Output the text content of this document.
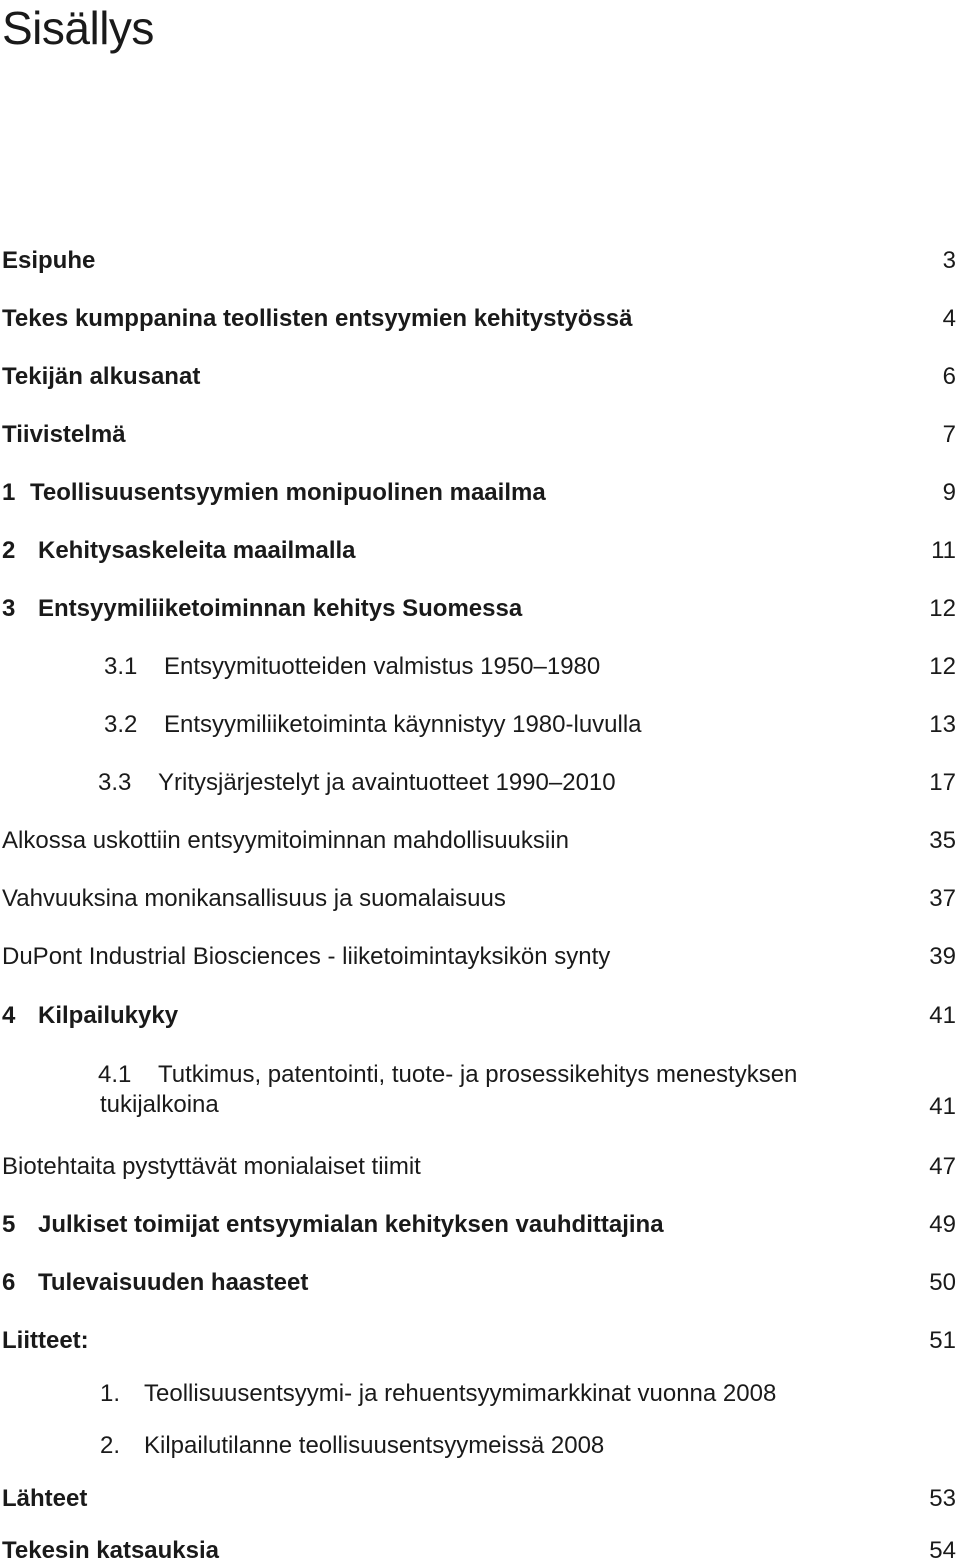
Sisällys
Esipuhe	3
Tekes kumppanina teollisten entsyymien kehitystyössä	4
Tekijän alkusanat	6
Tiivistelmä	7
1 Teollisuusentsyymien monipuolinen maailma	9
2 Kehitysaskeleita maailmalla	11
3 Entsyymiliiketoiminnan kehitys Suomessa	12
3.1 Entsyymituotteiden valmistus 1950–1980	12
3.2 Entsyymiliiketoiminta käynnistyy 1980-luvulla	13
3.3 Yritysjärjestelyt ja avaintuotteet 1990–2010	17
Alkossa uskottiin entsyymitoiminnan mahdollisuuksiin	35
Vahvuuksina monikansallisuus ja suomalaisuus	37
DuPont Industrial Biosciences - liiketoimintayksikön synty	39
4 Kilpailukyky	41
4.1	Tutkimus, patentointi, tuote- ja prosessikehitys menestyksen tukijalkoina	41
Biotehtaita pystyttävät monialaiset tiimit	47
5 Julkiset toimijat entsyymialan kehityksen vauhdittajina	49
6 Tulevaisuuden haasteet	50
Liitteet:	51
1. Teollisuusentsyymi- ja rehuentsyymimarkkinat vuonna 2008
2. Kilpailutilanne teollisuusentsyymeissä 2008
Lähteet	53
Tekesin katsauksia	54
